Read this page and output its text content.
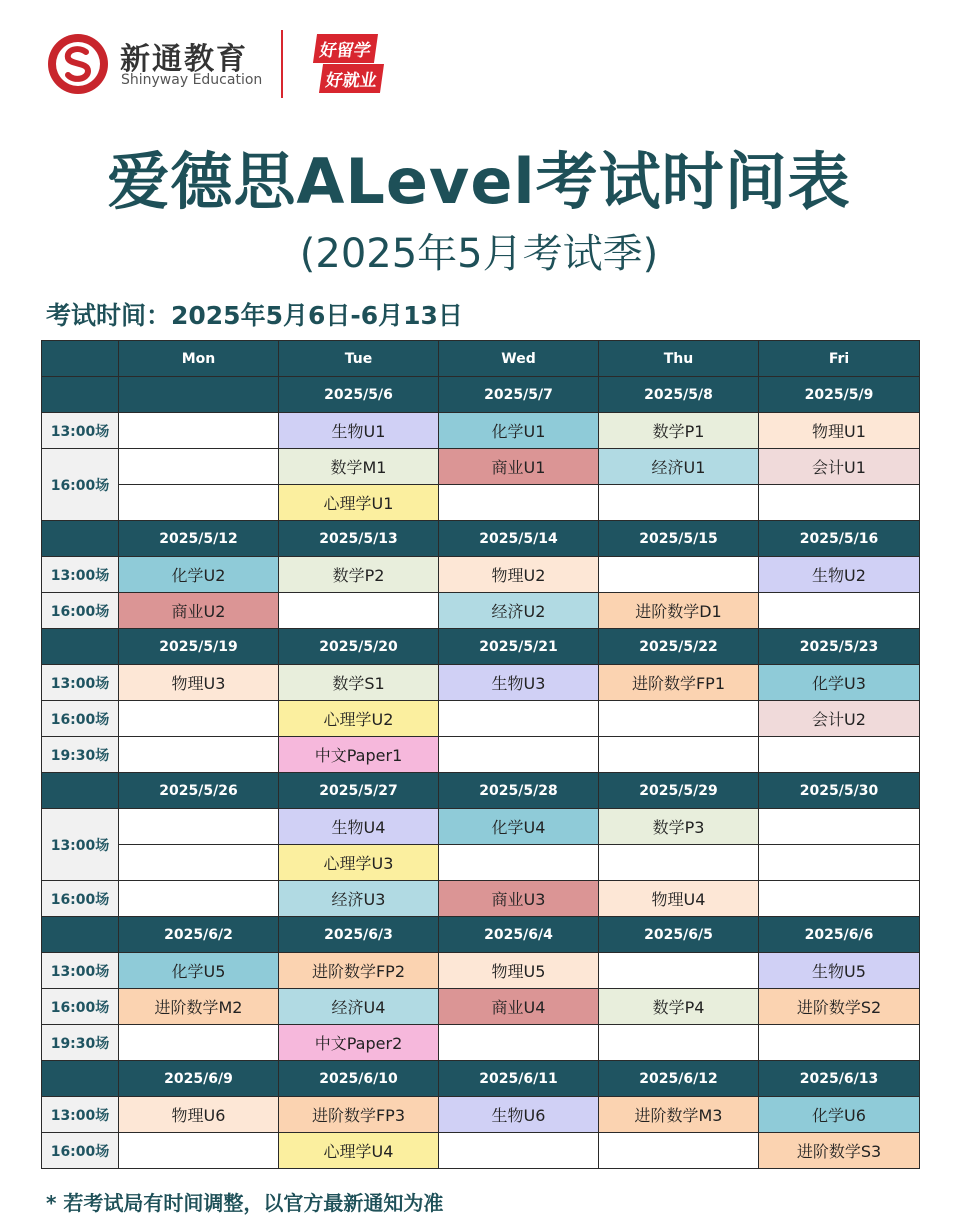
新通教育
Shinyway Education
好留学
好就业
爱德思ALevel考试时间表
(2025年5月考试季)
考试时间：2025年5月6日-6月13日
	Mon	Tue	Wed	Thu	Fri
		2025/5/6	2025/5/7	2025/5/8	2025/5/9
13:00场		生物U1	化学U1	数学P1	物理U1
16:00场		数学M1	商业U1	经济U1	会计U1
		心理学U1			
	2025/5/12	2025/5/13	2025/5/14	2025/5/15	2025/5/16
13:00场	化学U2	数学P2	物理U2		生物U2
16:00场	商业U2		经济U2	进阶数学D1	
	2025/5/19	2025/5/20	2025/5/21	2025/5/22	2025/5/23
13:00场	物理U3	数学S1	生物U3	进阶数学FP1	化学U3
16:00场		心理学U2			会计U2
19:30场		中文Paper1			
	2025/5/26	2025/5/27	2025/5/28	2025/5/29	2025/5/30
13:00场		生物U4	化学U4	数学P3	
		心理学U3			
16:00场		经济U3	商业U3	物理U4	
	2025/6/2	2025/6/3	2025/6/4	2025/6/5	2025/6/6
13:00场	化学U5	进阶数学FP2	物理U5		生物U5
16:00场	进阶数学M2	经济U4	商业U4	数学P4	进阶数学S2
19:30场		中文Paper2			
	2025/6/9	2025/6/10	2025/6/11	2025/6/12	2025/6/13
13:00场	物理U6	进阶数学FP3	生物U6	进阶数学M3	化学U6
16:00场		心理学U4			进阶数学S3
* 若考试局有时间调整，以官方最新通知为准
